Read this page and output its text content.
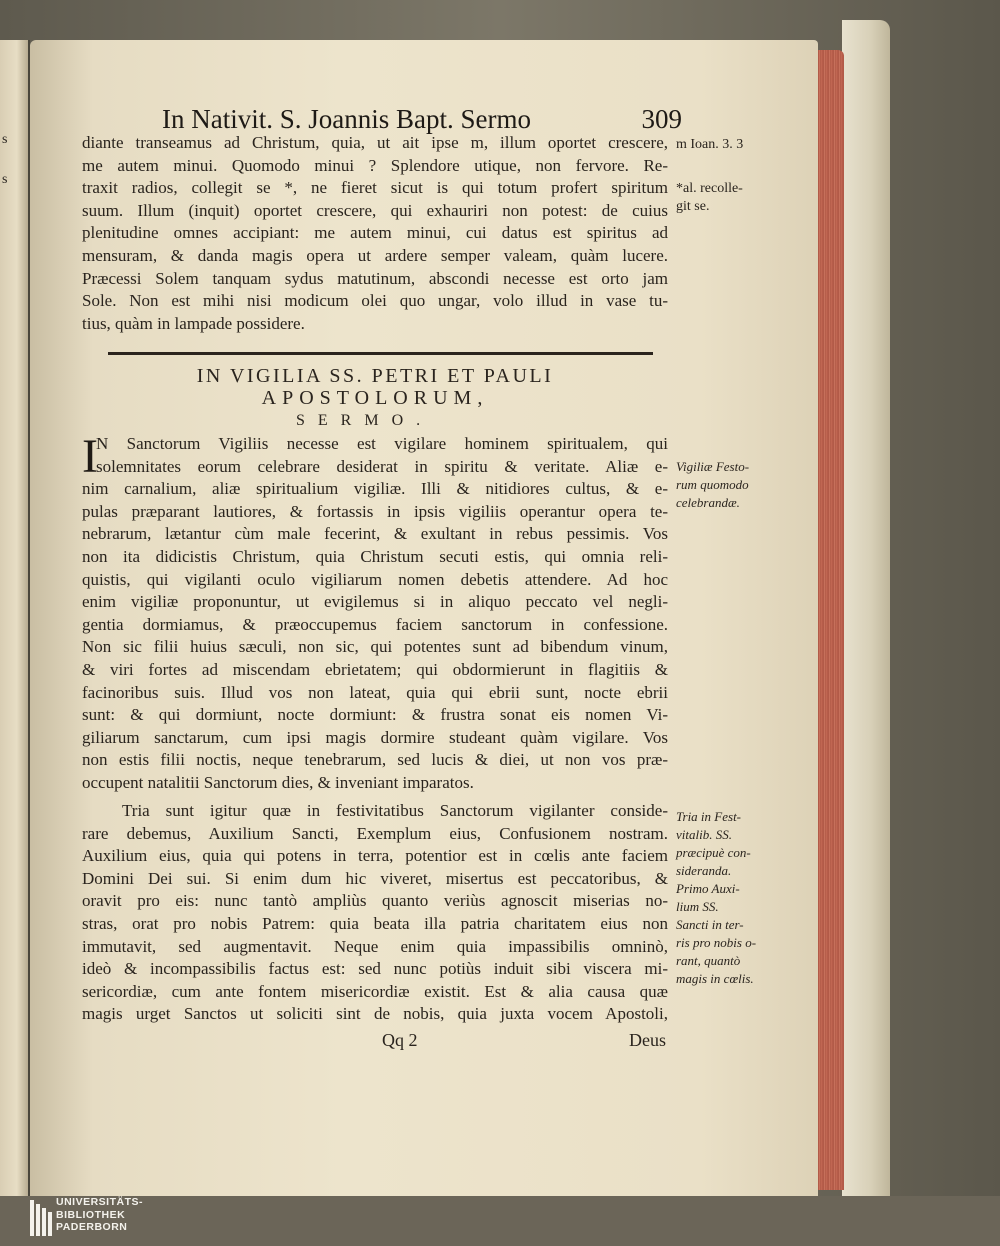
s
s
In Nativit. S. Joannis Bapt. Sermo	309
diante transeamus ad Christum, quia, ut ait ipse m, illum oportet crescere,
me autem minui. Quomodo minui ? Splendore utique, non fervore. Re-
traxit radios, collegit se *, ne fieret sicut is qui totum profert spiritum
suum. Illum (inquit) oportet crescere, qui exhauriri non potest: de cuius
plenitudine omnes accipiant: me autem minui, cui datus est spiritus ad
mensuram, & danda magis opera ut ardere semper valeam, quàm lucere.
Præcessi Solem tanquam sydus matutinum, abscondi necesse est orto jam
Sole. Non est mihi nisi modicum olei quo ungar, volo illud in vase tu-
tius, quàm in lampade possidere.
IN VIGILIA SS. PETRI ET PAULI
APOSTOLORUM,
SERMO.
I
N Sanctorum Vigiliis necesse est vigilare hominem spiritualem, qui
solemnitates eorum celebrare desiderat in spiritu & veritate. Aliæ e-
nim carnalium, aliæ spiritualium vigiliæ. Illi & nitidiores cultus, & e-
pulas præparant lautiores, & fortassis in ipsis vigiliis operantur opera te-
nebrarum, lætantur cùm male fecerint, & exultant in rebus pessimis. Vos
non ita didicistis Christum, quia Christum secuti estis, qui omnia reli-
quistis, qui vigilanti oculo vigiliarum nomen debetis attendere. Ad hoc
enim vigiliæ proponuntur, ut evigilemus si in aliquo peccato vel negli-
gentia dormiamus, & præoccupemus faciem sanctorum in confessione.
Non sic filii huius sæculi, non sic, qui potentes sunt ad bibendum vinum,
& viri fortes ad miscendam ebrietatem; qui obdormierunt in flagitiis &
facinoribus suis. Illud vos non lateat, quia qui ebrii sunt, nocte ebrii
sunt: & qui dormiunt, nocte dormiunt: & frustra sonat eis nomen Vi-
giliarum sanctarum, cum ipsi magis dormire studeant quàm vigilare. Vos
non estis filii noctis, neque tenebrarum, sed lucis & diei, ut non vos præ-
occupent natalitii Sanctorum dies, & inveniant imparatos.
Tria sunt igitur quæ in festivitatibus Sanctorum vigilanter conside-
rare debemus, Auxilium Sancti, Exemplum eius, Confusionem nostram.
Auxilium eius, quia qui potens in terra, potentior est in cœlis ante faciem
Domini Dei sui. Si enim dum hic viveret, misertus est peccatoribus, &
oravit pro eis: nunc tantò ampliùs quanto veriùs agnoscit miserias no-
stras, orat pro nobis Patrem: quia beata illa patria charitatem eius non
immutavit, sed augmentavit. Neque enim quia impassibilis omninò,
ideò & incompassibilis factus est: sed nunc potiùs induit sibi viscera mi-
sericordiæ, cum ante fontem misericordiæ existit. Est & alia causa quæ
magis urget Sanctos ut soliciti sint de nobis, quia juxta vocem Apostoli,
m Ioan. 3. 3
*al. recolle-
git se.
Vigiliæ Festo-
rum quomodo
celebrandæ.
Tria in Fest-
vitalib. SS.
præcipuè con-
sideranda.
Primo Auxi-
lium SS.
Sancti in ter-
ris pro nobis o-
rant, quantò
magis in cœlis.
Qq 2	Deus
UNIVERSITÄTS-
BIBLIOTHEK
PADERBORN
